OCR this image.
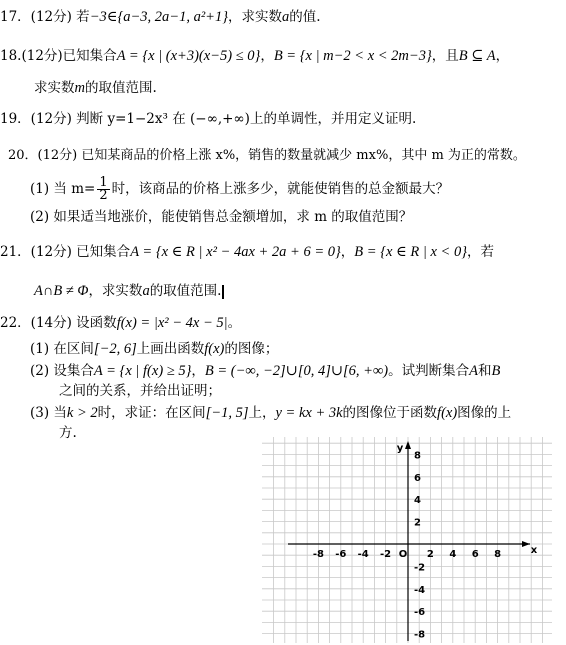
17．(12分) 若−3∈{a−3, 2a−1, a²+1}，求实数a的值.
18.(12分)已知集合A = {x | (x+3)(x−5) ≤ 0}，B = {x | m−2 < x < 2m−3}，且B ⊆ A，
求实数m的取值范围.
19．(12分) 判断 y=1−2x³ 在 (−∞,+∞)上的单调性，并用定义证明.
20．(12分) 已知某商品的价格上涨 x%，销售的数量就减少 mx%，其中 m 为正的常数。
(1) 当 $m= \frac{1}{2}$ 时，该商品的价格上涨多少，就能使销售的总金额最大？
(2) 如果适当地涨价，能使销售总金额增加，求 m 的取值范围？
21．(12分) 已知集合A = {x ∈ R | x² − 4ax + 2a + 6 = 0}，B = {x ∈ R | x < 0}，若
A∩B ≠ Φ，求实数a的取值范围.
22．(14分) 设函数f(x) = |x² − 4x − 5|。
(1) 在区间[−2, 6]上画出函数f(x)的图像；
(2) 设集合A = {x | f(x) ≥ 5}，B = (−∞, −2]∪[0, 4]∪[6, +∞)。试判断集合A和B
之间的关系，并给出证明；
(3) 当k > 2时，求证：在区间[−1, 5]上，y = kx + 3k的图像位于函数f(x)图像的上
方.
-8 -6 -4 -2	2 4 6 8
8
6
4
2
-2
-4
-6
-8
O	x
y
